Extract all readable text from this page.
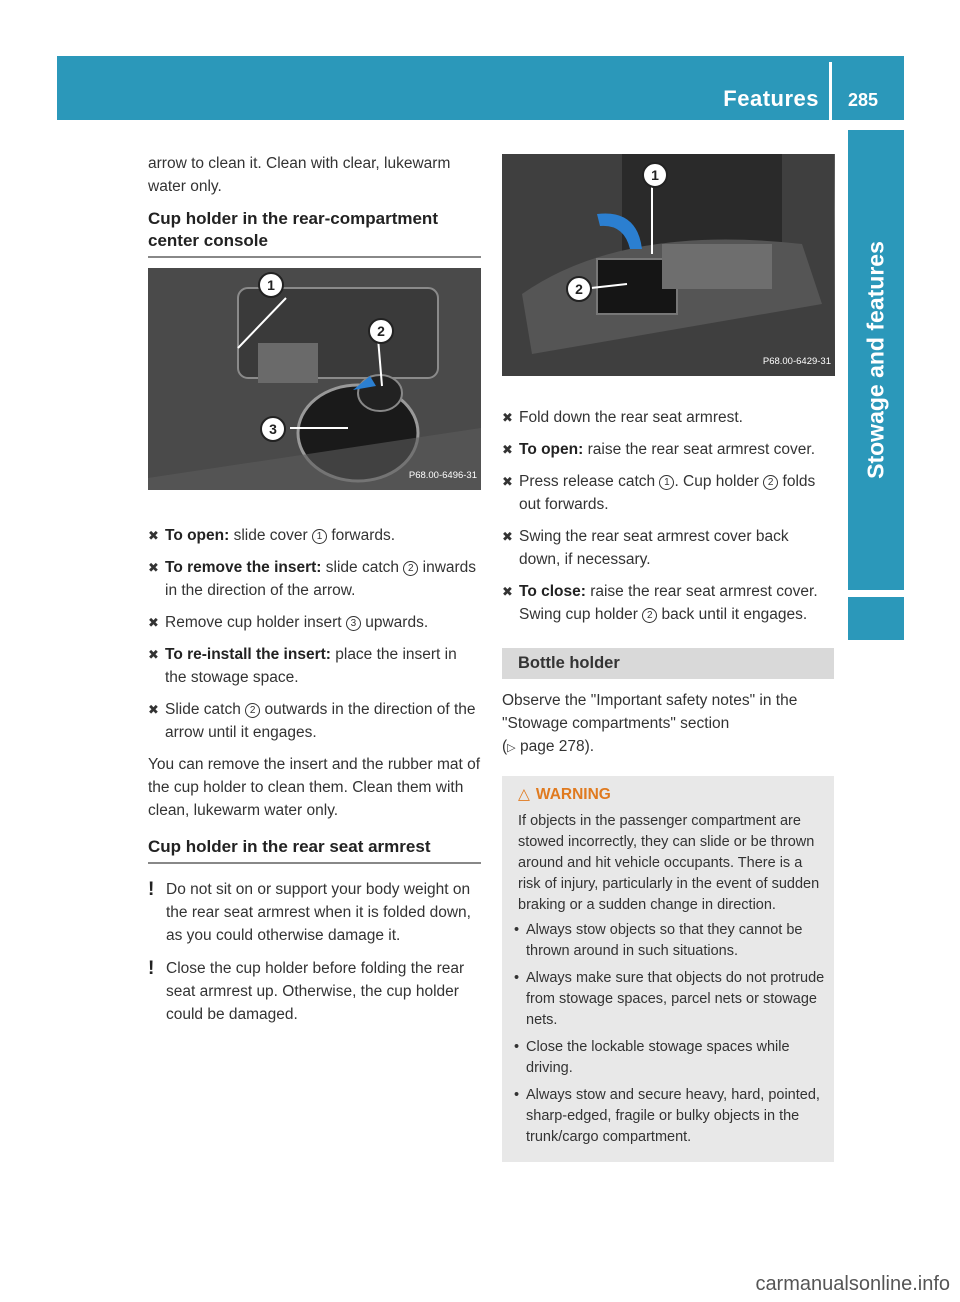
Features 285
Stowage and features

arrow to clean it. Clean with clear, lukewarm water only.

Cup holder in the rear-compartment center console
1
2
3
P68.00-6496-31
✖ To open: slide cover 1 forwards.
✖ To remove the insert: slide catch 2 inwards in the direction of the arrow.
✖ Remove cup holder insert 3 upwards.
✖ To re-install the insert: place the insert in the stowage space.
✖ Slide catch 2 outwards in the direction of the arrow until it engages.

You can remove the insert and the rubber mat of the cup holder to clean them. Clean them with clean, lukewarm water only.

Cup holder in the rear seat armrest
! Do not sit on or support your body weight on the rear seat armrest when it is folded down, as you could otherwise damage it.
! Close the cup holder before folding the rear seat armrest up. Otherwise, the cup holder could be damaged.
1
2
P68.00-6429-31
✖ Fold down the rear seat armrest.
✖ To open: raise the rear seat armrest cover.
✖ Press release catch 1 . Cup holder 2 folds out forwards.
✖ Swing the rear seat armrest cover back down, if necessary.
✖ To close: raise the rear seat armrest cover. Swing cup holder 2 back until it engages.
Bottle holder

Observe the "Important safety notes" in the "Stowage compartments" section
(▷ page 278).

△ WARNING
If objects in the passenger compartment are stowed incorrectly, they can slide or be thrown around and hit vehicle occupants. There is a risk of injury, particularly in the event of sudden braking or a sudden change in direction.
• Always stow objects so that they cannot be thrown around in such situations.
• Always make sure that objects do not protrude from stowage spaces, parcel nets or stowage nets.
• Close the lockable stowage spaces while driving.
• Always stow and secure heavy, hard, pointed, sharp-edged, fragile or bulky objects in the trunk/cargo compartment.
carmanualsonline.info
